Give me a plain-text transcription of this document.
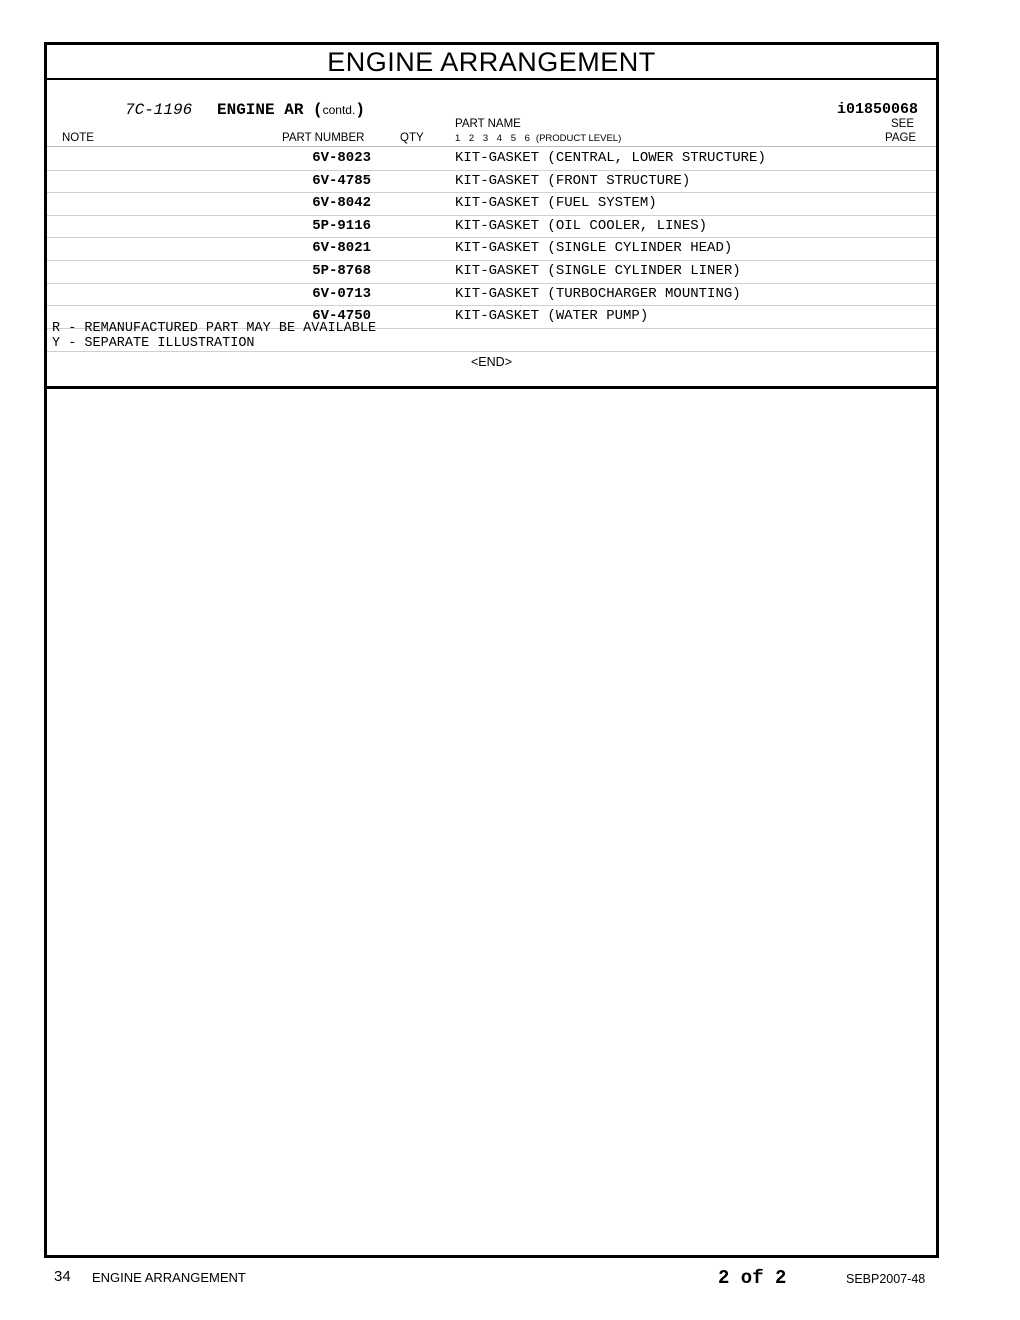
ENGINE ARRANGEMENT
7C-1196 ENGINE AR (contd.)	i01850068
NOTE	PART NUMBER	QTY
PART NAME
1 2 3 4 5 6 (PRODUCT LEVEL)
SEE
PAGE
6V-8023	KIT-GASKET (CENTRAL, LOWER STRUCTURE)
6V-4785	KIT-GASKET (FRONT STRUCTURE)
6V-8042	KIT-GASKET (FUEL SYSTEM)
5P-9116	KIT-GASKET (OIL COOLER, LINES)
6V-8021	KIT-GASKET (SINGLE CYLINDER HEAD)
5P-8768	KIT-GASKET (SINGLE CYLINDER LINER)
6V-0713	KIT-GASKET (TURBOCHARGER MOUNTING)
6V-4750	KIT-GASKET (WATER PUMP)
R - REMANUFACTURED PART MAY BE AVAILABLE
Y - SEPARATE ILLUSTRATION
<END>
34 ENGINE ARRANGEMENT	2 of 2	SEBP2007-48
